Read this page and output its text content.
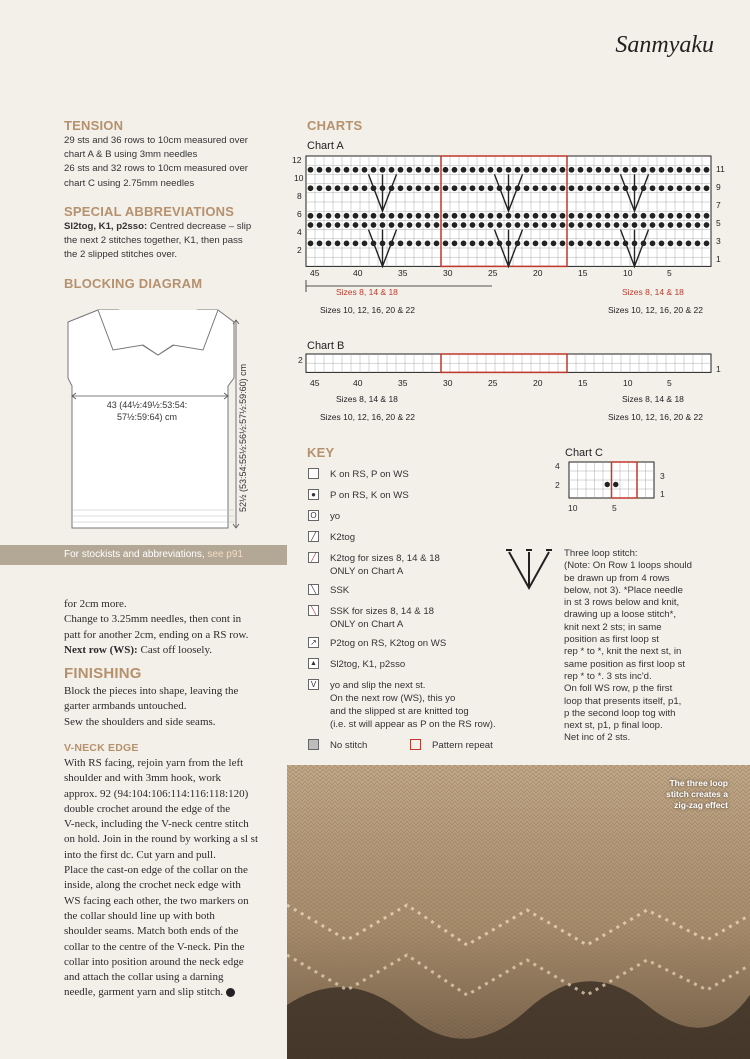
Sanmyaku
TENSION
29 sts and 36 rows to 10cm measured over
chart A & B using 3mm needles
26 sts and 32 rows to 10cm measured over
chart C using 2.75mm needles
SPECIAL ABBREVIATIONS
Sl2tog, K1, p2sso: Centred decrease – slip
the next 2 stitches together, K1, then pass
the 2 slipped stitches over.
BLOCKING DIAGRAM
43 (44½:49½:53:54:
57½:59:64) cm	52½ (53:54:55½:56½:57½:59:60) cm
For stockists and abbreviations, see p91
for 2cm more.
Change to 3.25mm needles, then cont in
patt for another 2cm, ending on a RS row.
Next row (WS): Cast off loosely.
FINISHING
Block the pieces into shape, leaving the
garter armbands untouched.
Sew the shoulders and side seams.
V-NECK EDGE
With RS facing, rejoin yarn from the left
shoulder and with 3mm hook, work
approx. 92 (94:104:106:114:116:118:120)
double crochet around the edge of the
V-neck, including the V-neck centre stitch
on hold. Join in the round by working a sl st
into the first dc. Cut yarn and pull.
Place the cast-on edge of the collar on the
inside, along the crochet neck edge with
WS facing each other, the two markers on
the collar should line up with both
shoulder seams. Match both ends of the
collar to the centre of the V-neck. Pin the
collar into position around the neck edge
and attach the collar using a darning
needle, garment yarn and slip stitch.
CHARTS
Chart A
12
10
8
6
4
2
11
9
7
5
3
1
45	40	35	30	25	20	15	10	5
Sizes 8, 14 & 18	Sizes 8, 14 & 18
Sizes 10, 12, 16, 20 & 22	Sizes 10, 12, 16, 20 & 22
Chart B
2
1
45	40	35	30	25	20	15	10	5
Sizes 8, 14 & 18	Sizes 8, 14 & 18
Sizes 10, 12, 16, 20 & 22	Sizes 10, 12, 16, 20 & 22
KEY
K on RS, P on WS
●	P on RS, K on WS
O yo
╱	K2tog
╱	K2tog for sizes 8, 14 & 18
ONLY on Chart A
╲	SSK
╲	SSK for sizes 8, 14 & 18
ONLY on Chart A
↗ P2tog on RS, K2tog on WS
▲ Sl2tog, K1, p2sso
V yo and slip the next st.
On the next row (WS), this yo
and the slipped st are knitted tog
(i.e. st will appear as P on the RS row).
No stitch	Pattern repeat
Three loop stitch:
(Note: On Row 1 loops should
be drawn up from 4 rows
below, not 3). *Place needle
in st 3 rows below and knit,
drawing up a loose stitch*,
knit next 2 sts; in same
position as first loop st
rep * to *, knit the next st, in
same position as first loop st
rep * to *. 3 sts inc'd.
On foll WS row, p the first
loop that presents itself, p1,
p the second loop tog with
next st, p1, p final loop.
Net inc of 2 sts.
Chart C
4
2
3
1
10	5
The three loop
stitch creates a
zig-zag effect
